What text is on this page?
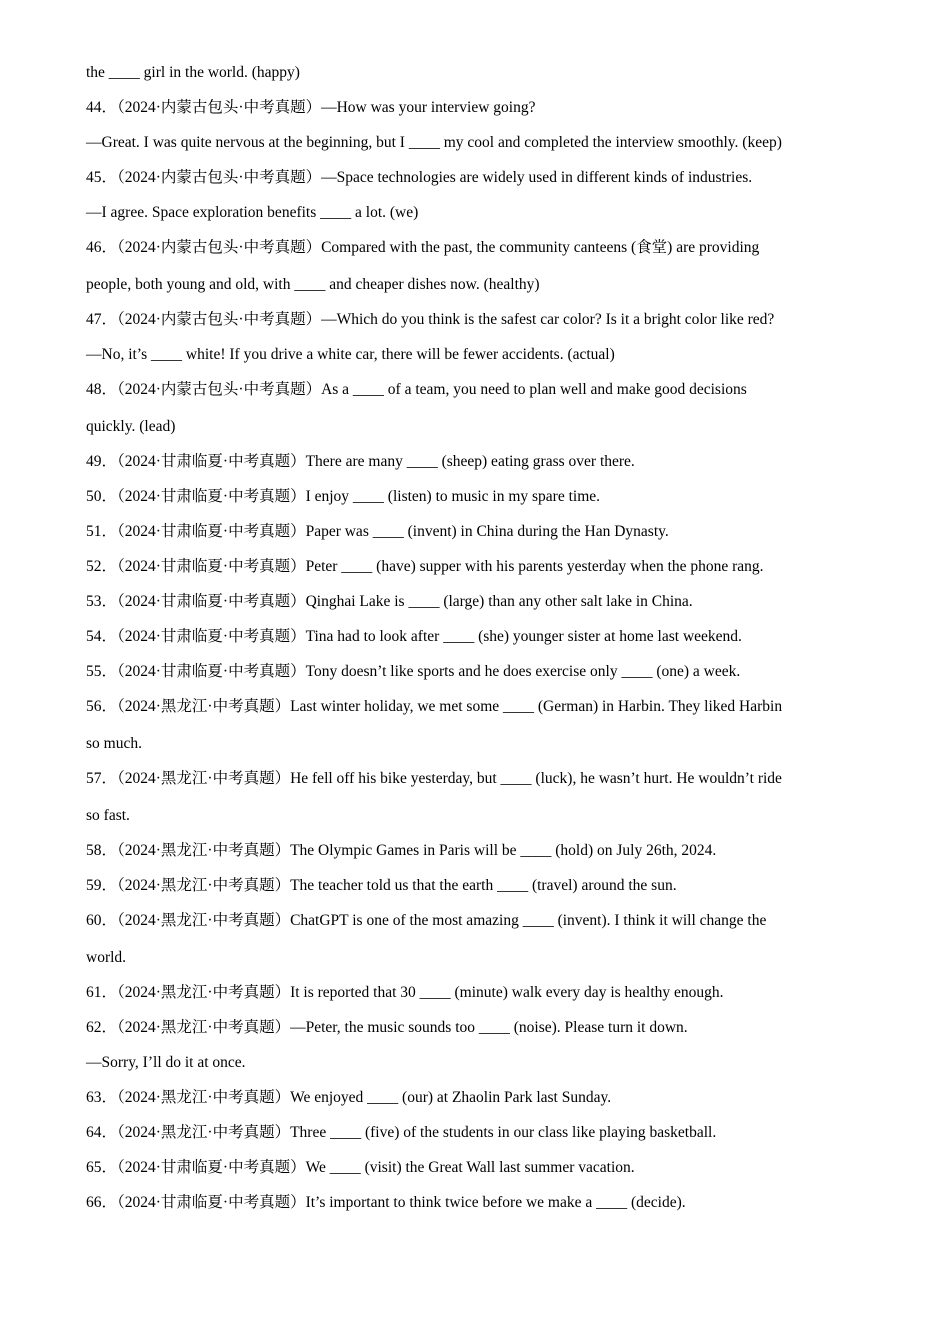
the ____ girl in the world. (happy)

44．（2024·内蒙古包头·中考真题）—How was your interview going?

—Great. I was quite nervous at the beginning, but I ____ my cool and completed the interview smoothly. (keep)

45．（2024·内蒙古包头·中考真题）—Space technologies are widely used in different kinds of industries.

—I agree. Space exploration benefits ____ a lot. (we)

46．（2024·内蒙古包头·中考真题）Compared with the past, the community canteens (食堂) are providing

people, both young and old, with ____ and cheaper dishes now. (healthy)

47．（2024·内蒙古包头·中考真题）—Which do you think is the safest car color? Is it a bright color like red?

—No, it’s ____ white! If you drive a white car, there will be fewer accidents. (actual)

48．（2024·内蒙古包头·中考真题）As a ____ of a team, you need to plan well and make good decisions

quickly. (lead)

49．（2024·甘肃临夏·中考真题）There are many ____ (sheep) eating grass over there.

50．（2024·甘肃临夏·中考真题）I enjoy ____ (listen) to music in my spare time.

51．（2024·甘肃临夏·中考真题）Paper was ____ (invent) in China during the Han Dynasty.

52．（2024·甘肃临夏·中考真题）Peter ____ (have) supper with his parents yesterday when the phone rang.

53．（2024·甘肃临夏·中考真题）Qinghai Lake is ____ (large) than any other salt lake in China.

54．（2024·甘肃临夏·中考真题）Tina had to look after ____ (she) younger sister at home last weekend.

55．（2024·甘肃临夏·中考真题）Tony doesn’t like sports and he does exercise only ____ (one) a week.

56．（2024·黑龙江·中考真题）Last winter holiday, we met some ____ (German) in Harbin. They liked Harbin

so much.

57．（2024·黑龙江·中考真题）He fell off his bike yesterday, but ____ (luck), he wasn’t hurt. He wouldn’t ride

so fast.

58．（2024·黑龙江·中考真题）The Olympic Games in Paris will be ____ (hold) on July 26th, 2024.

59．（2024·黑龙江·中考真题）The teacher told us that the earth ____ (travel) around the sun.

60．（2024·黑龙江·中考真题）ChatGPT is one of the most amazing ____ (invent). I think it will change the

world.

61．（2024·黑龙江·中考真题）It is reported that 30 ____ (minute) walk every day is healthy enough.

62．（2024·黑龙江·中考真题）—Peter, the music sounds too ____ (noise). Please turn it down.

—Sorry, I’ll do it at once.

63．（2024·黑龙江·中考真题）We enjoyed ____ (our) at Zhaolin Park last Sunday.

64．（2024·黑龙江·中考真题）Three ____ (five) of the students in our class like playing basketball.

65．（2024·甘肃临夏·中考真题）We ____ (visit) the Great Wall last summer vacation.

66．（2024·甘肃临夏·中考真题）It’s important to think twice before we make a ____ (decide).
